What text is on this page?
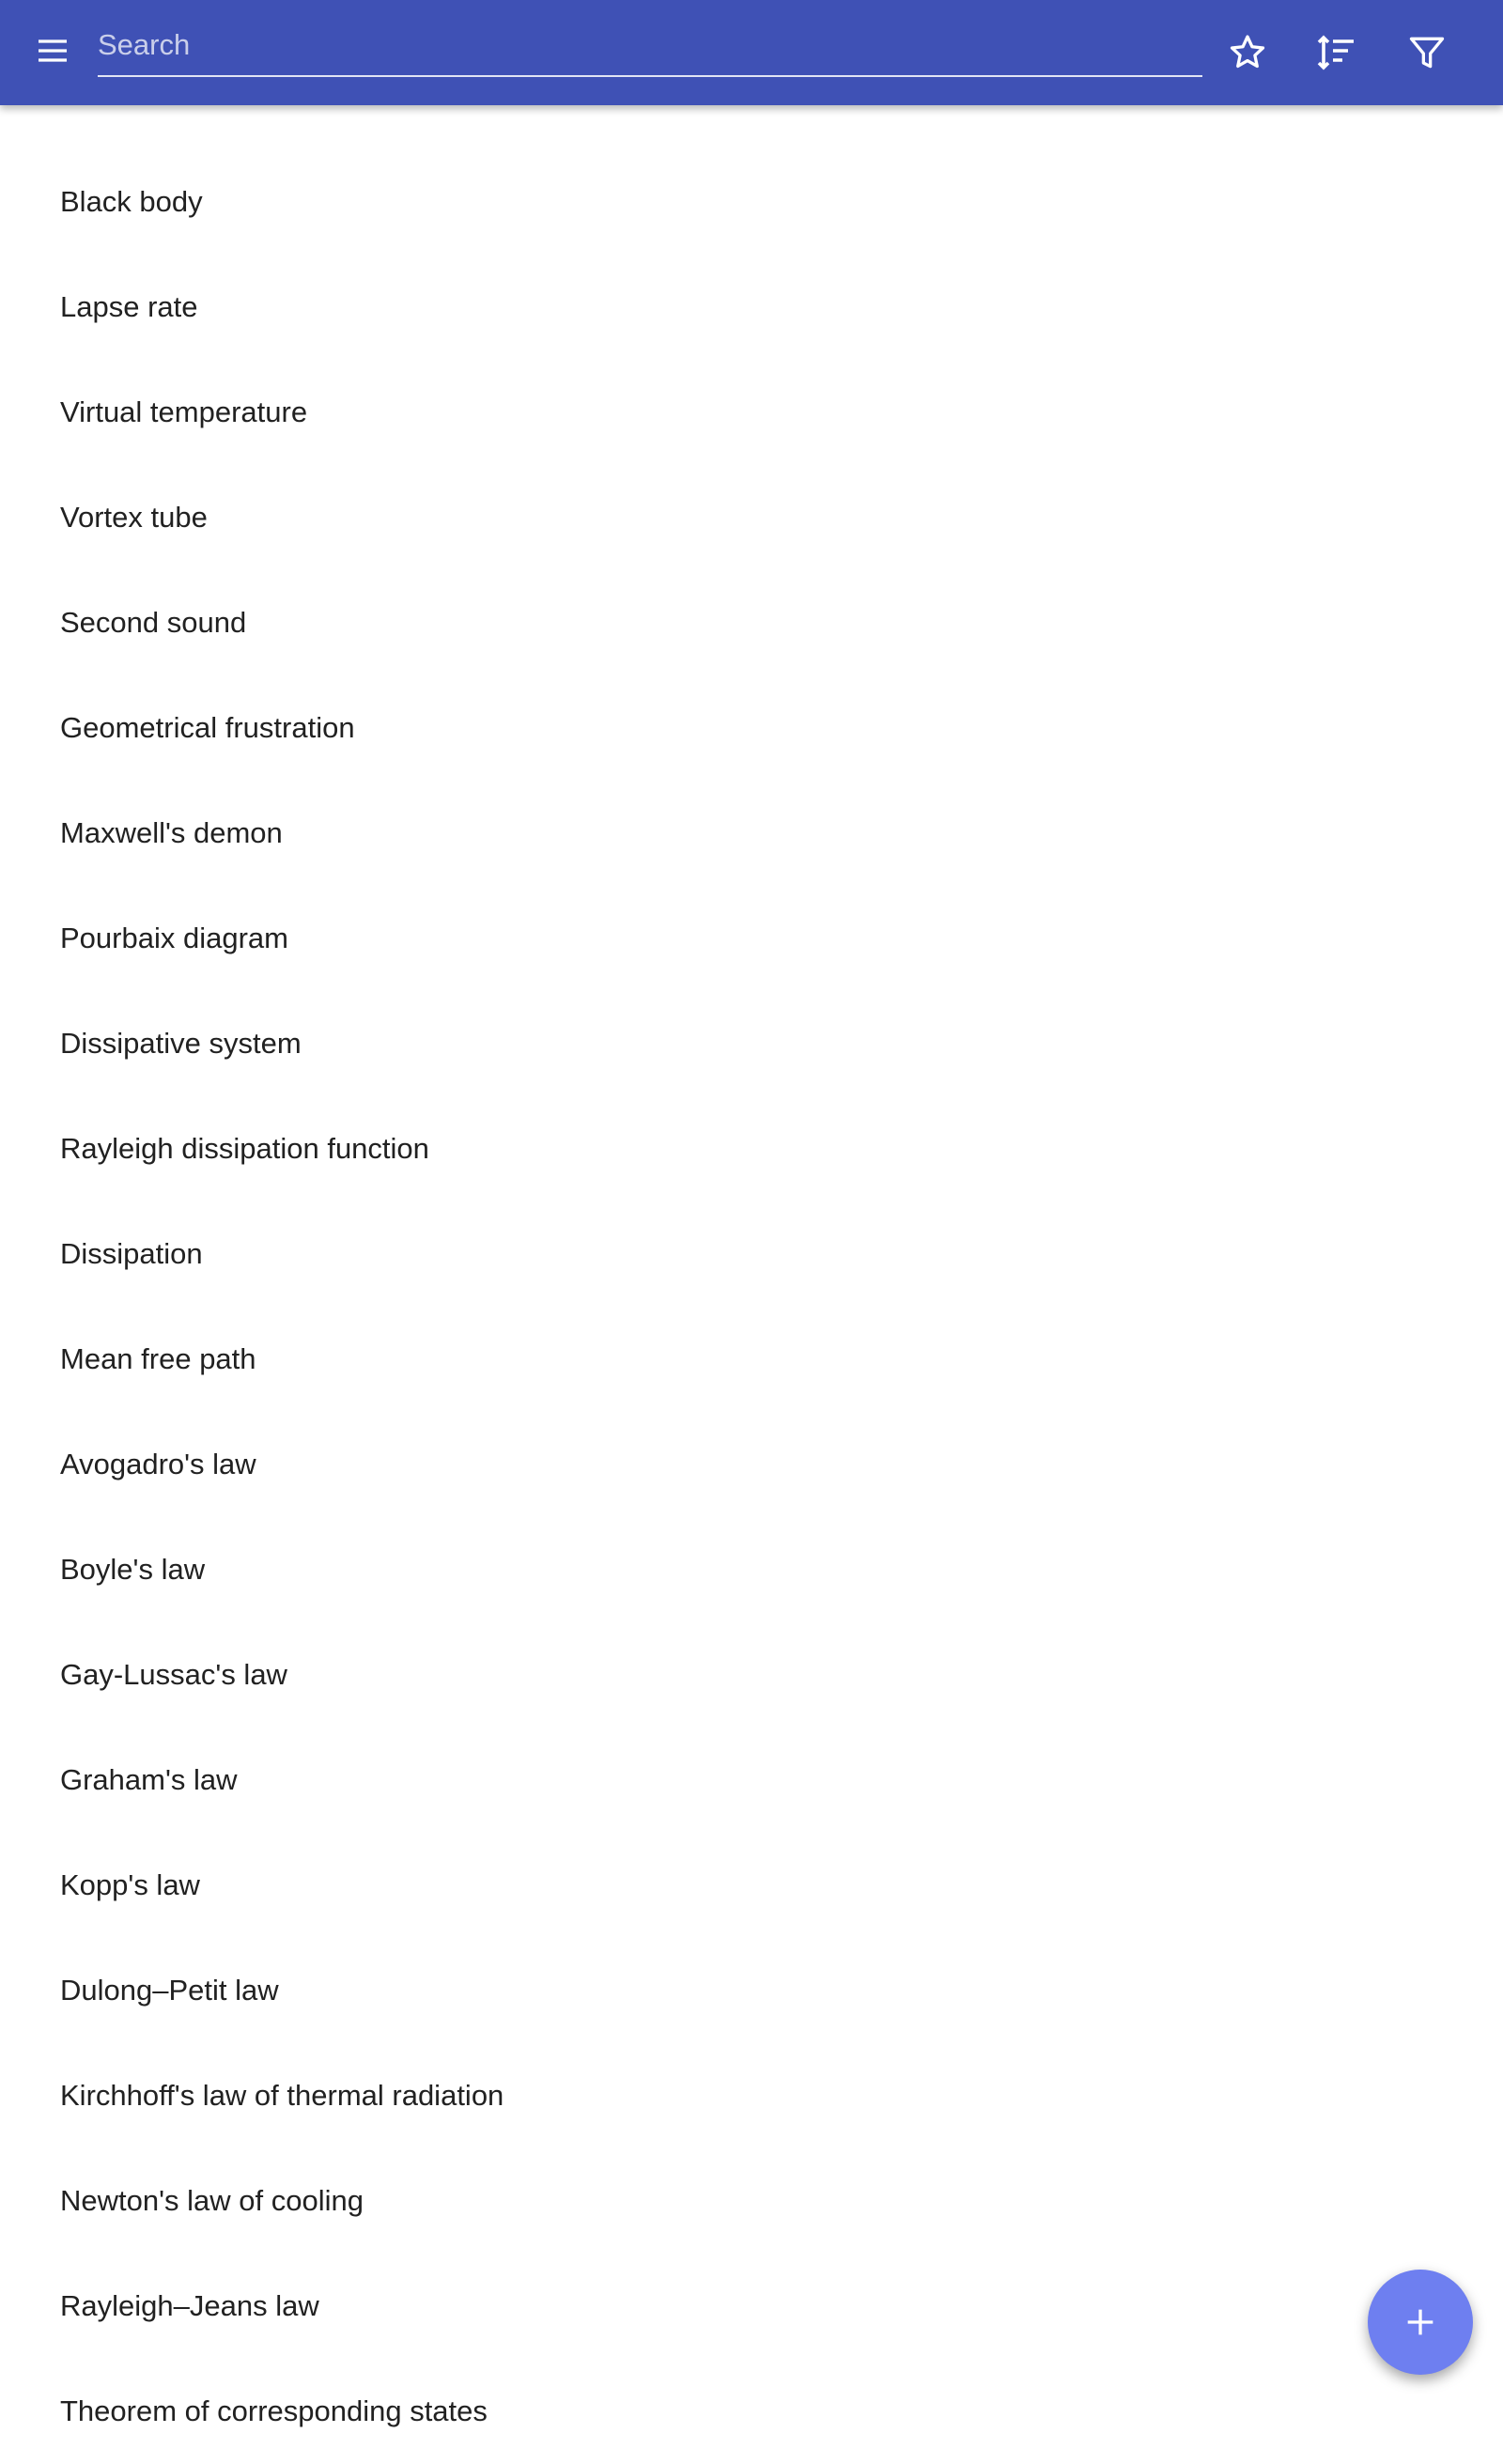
Search
Black body
Lapse rate
Virtual temperature
Vortex tube
Second sound
Geometrical frustration
Maxwell's demon
Pourbaix diagram
Dissipative system
Rayleigh dissipation function
Dissipation
Mean free path
Avogadro's law
Boyle's law
Gay-Lussac's law
Graham's law
Kopp's law
Dulong–Petit law
Kirchhoff's law of thermal radiation
Newton's law of cooling
Rayleigh–Jeans law
Theorem of corresponding states
